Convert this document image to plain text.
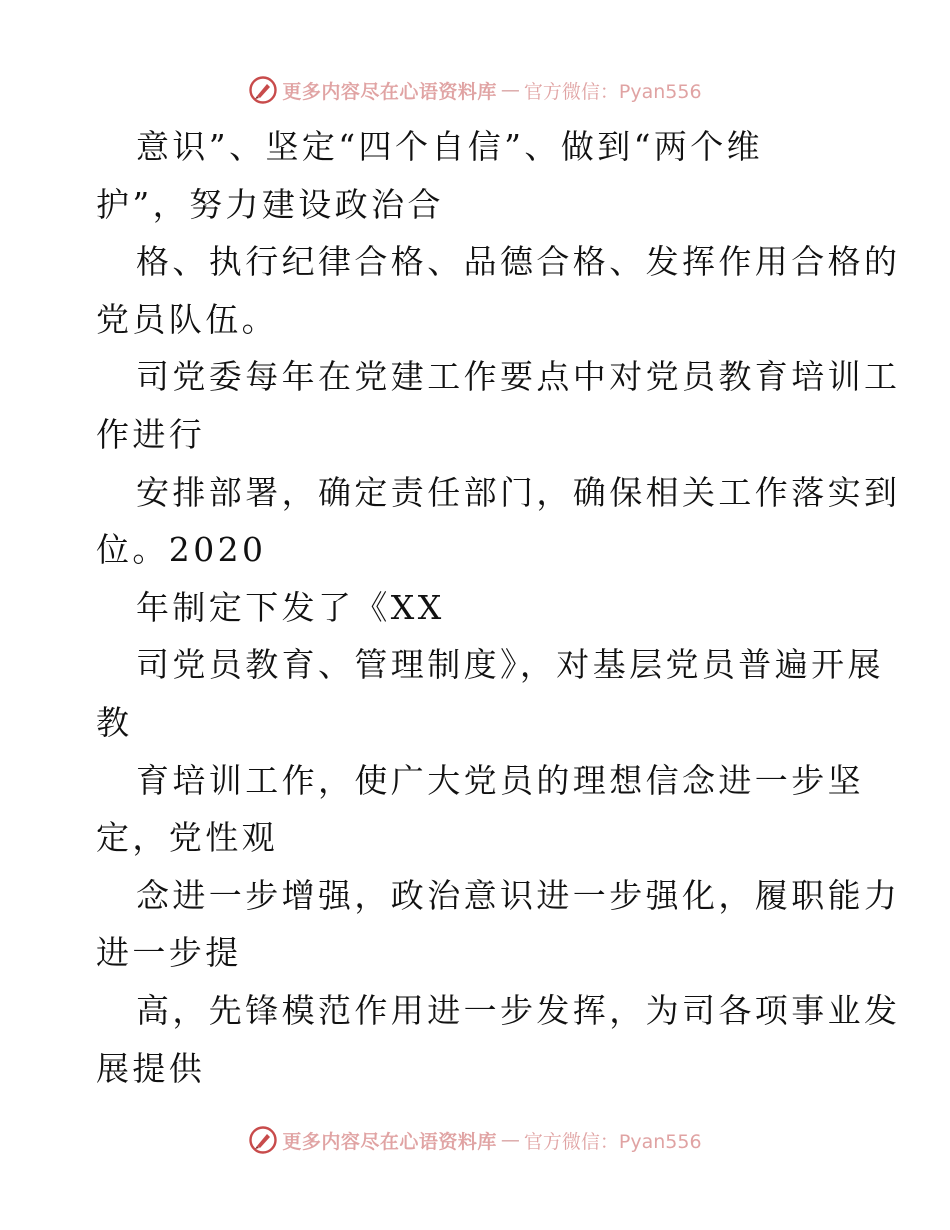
更多内容尽在心语资料库 — 官方微信：Pyan556
意识”、坚定“四个自信”、做到“两个维
护”，努力建设政治合
格、执行纪律合格、品德合格、发挥作用合格的
党员队伍。
司党委每年在党建工作要点中对党员教育培训工
作进行
安排部署，确定责任部门，确保相关工作落实到
位。2020
年制定下发了《XX
司党员教育、管理制度》，对基层党员普遍开展
教
育培训工作，使广大党员的理想信念进一步坚
定，党性观
念进一步增强，政治意识进一步强化，履职能力
进一步提
高，先锋模范作用进一步发挥，为司各项事业发
展提供
更多内容尽在心语资料库 — 官方微信：Pyan556
